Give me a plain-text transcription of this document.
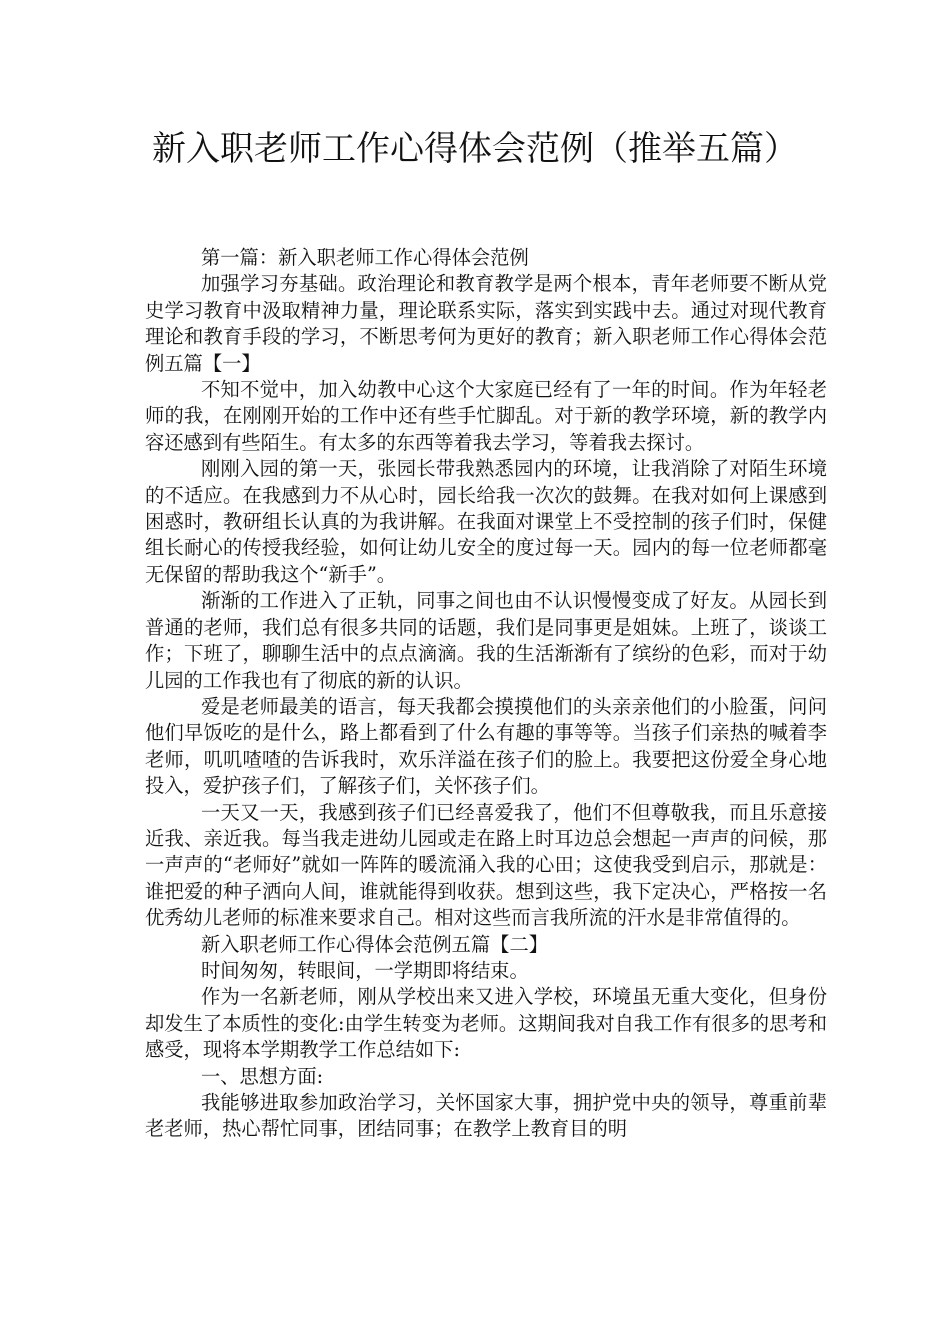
新入职老师工作心得体会范例（推举五篇）

第一篇：新入职老师工作心得体会范例

加强学习夯基础。政治理论和教育教学是两个根本，青年老师要不断从党史学习教育中汲取精神力量，理论联系实际，落实到实践中去。通过对现代教育理论和教育手段的学习，不断思考何为更好的教育；新入职老师工作心得体会范例五篇【一】

不知不觉中，加入幼教中心这个大家庭已经有了一年的时间。作为年轻老师的我，在刚刚开始的工作中还有些手忙脚乱。对于新的教学环境，新的教学内容还感到有些陌生。有太多的东西等着我去学习，等着我去探讨。

刚刚入园的第一天，张园长带我熟悉园内的环境，让我消除了对陌生环境的不适应。在我感到力不从心时，园长给我一次次的鼓舞。在我对如何上课感到困惑时，教研组长认真的为我讲解。在我面对课堂上不受控制的孩子们时，保健组长耐心的传授我经验，如何让幼儿安全的度过每一天。园内的每一位老师都毫无保留的帮助我这个“新手”。

渐渐的工作进入了正轨，同事之间也由不认识慢慢变成了好友。从园长到普通的老师，我们总有很多共同的话题，我们是同事更是姐妹。上班了，谈谈工作；下班了，聊聊生活中的点点滴滴。我的生活渐渐有了缤纷的色彩，而对于幼儿园的工作我也有了彻底的新的认识。

爱是老师最美的语言，每天我都会摸摸他们的头亲亲他们的小脸蛋，问问他们早饭吃的是什么，路上都看到了什么有趣的事等等。当孩子们亲热的喊着李老师，叽叽喳喳的告诉我时，欢乐洋溢在孩子们的脸上。我要把这份爱全身心地投入，爱护孩子们，了解孩子们，关怀孩子们。

一天又一天，我感到孩子们已经喜爱我了，他们不但尊敬我，而且乐意接近我、亲近我。每当我走进幼儿园或走在路上时耳边总会想起一声声的问候，那一声声的“老师好”就如一阵阵的暖流涌入我的心田；这使我受到启示，那就是：谁把爱的种子洒向人间，谁就能得到收获。想到这些，我下定决心，严格按一名优秀幼儿老师的标准来要求自己。相对这些而言我所流的汗水是非常值得的。

新入职老师工作心得体会范例五篇【二】

时间匆匆，转眼间，一学期即将结束。

作为一名新老师，刚从学校出来又进入学校，环境虽无重大变化，但身份却发生了本质性的变化:由学生转变为老师。这期间我对自我工作有很多的思考和感受，现将本学期教学工作总结如下:

一、思想方面:

我能够进取参加政治学习，关怀国家大事，拥护党中央的领导，尊重前辈老老师，热心帮忙同事，团结同事；在教学上教育目的明
